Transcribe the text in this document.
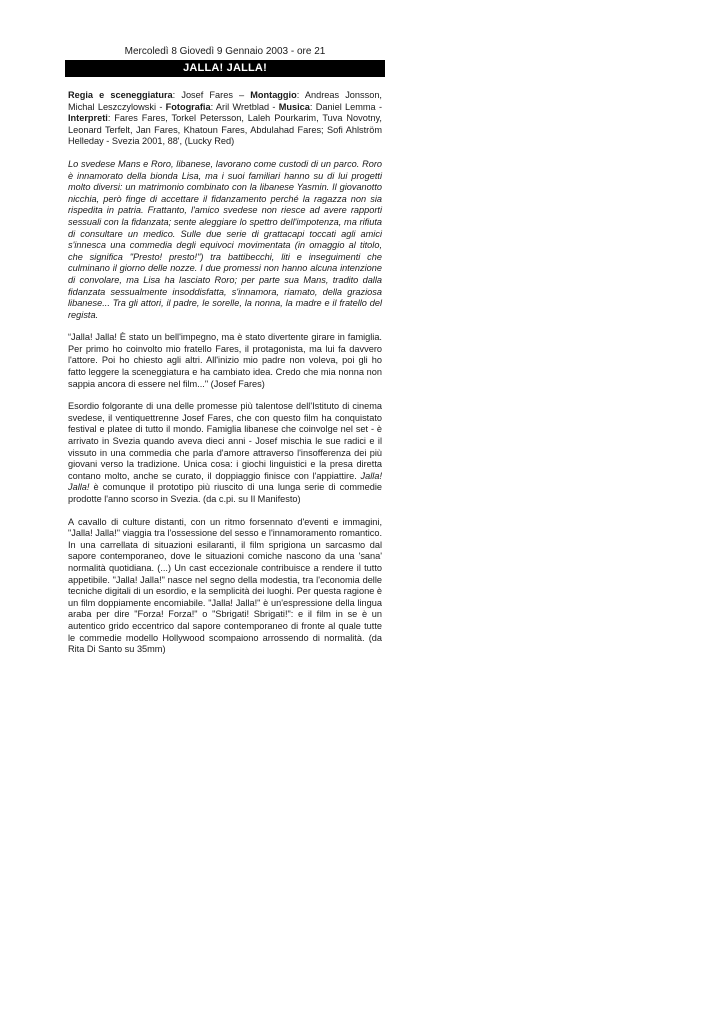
Mercoledì 8 Giovedì 9 Gennaio 2003 - ore 21
JALLA! JALLA!

Regia e sceneggiatura: Josef Fares – Montaggio: Andreas Jonsson, Michal Leszczylowski - Fotografia: Aril Wretblad - Musica: Daniel Lemma - Interpreti: Fares Fares, Torkel Petersson, Laleh Pourkarim, Tuva Novotny, Leonard Terfelt, Jan Fares, Khatoun Fares, Abdulahad Fares; Sofi Ahlström Helleday - Svezia 2001, 88', (Lucky Red)

Lo svedese Mans e Roro, libanese, lavorano come custodi di un parco. Roro è innamorato della bionda Lisa, ma i suoi familiari hanno su di lui progetti molto diversi: un matrimonio combinato con la libanese Yasmin. Il giovanotto nicchia, però finge di accettare il fidanzamento perché la ragazza non sia rispedita in patria. Frattanto, l'amico svedese non riesce ad avere rapporti sessuali con la fidanzata; sente aleggiare lo spettro dell'impotenza, ma rifiuta di consultare un medico. Sulle due serie di grattacapi toccati agli amici s'innesca una commedia degli equivoci movimentata (in omaggio al titolo, che significa "Presto! presto!") tra battibecchi, liti e inseguimenti che culminano il giorno delle nozze. I due promessi non hanno alcuna intenzione di convolare, ma Lisa ha lasciato Roro; per parte sua Mans, tradito dalla fidanzata sessualmente insoddisfatta, s'innamora, riamato, della graziosa libanese... Tra gli attori, il padre, le sorelle, la nonna, la madre e il fratello del regista.

“Jalla! Jalla! È stato un bell'impegno, ma è stato divertente girare in famiglia. Per primo ho coinvolto mio fratello Fares, il protagonista, ma lui fa davvero l'attore. Poi ho chiesto agli altri. All'inizio mio padre non voleva, poi gli ho fatto leggere la sceneggiatura e ha cambiato idea. Credo che mia nonna non sappia ancora di essere nel film..." (Josef Fares)

Esordio folgorante di una delle promesse più talentose dell'Istituto di cinema svedese, il ventiquettrenne Josef Fares, che con questo film ha conquistato festival e platee di tutto il mondo. Famiglia libanese che coinvolge nel set - è arrivato in Svezia quando aveva dieci anni - Josef mischia le sue radici e il vissuto in una commedia che parla d'amore attraverso l'insofferenza dei più giovani verso la tradizione. Unica cosa: i giochi linguistici e la presa diretta contano molto, anche se curato, il doppiaggio finisce con l'appiattire. Jalla! Jalla! è comunque il prototipo più riuscito di una lunga serie di commedie prodotte l'anno scorso in Svezia. (da c.pi. su Il Manifesto)

A cavallo di culture distanti, con un ritmo forsennato d'eventi e immagini, "Jalla! Jalla!" viaggia tra l'ossessione del sesso e l'innamoramento romantico. In una carrellata di situazioni esilaranti, il film sprigiona un sarcasmo dal sapore contemporaneo, dove le situazioni comiche nascono da una 'sana' normalità quotidiana. (...) Un cast eccezionale contribuisce a rendere il tutto appetibile. "Jalla! Jalla!" nasce nel segno della modestia, tra l'economia delle tecniche digitali di un esordio, e la semplicità dei luoghi. Per questa ragione è un film doppiamente encomiabile. "Jalla! Jalla!" è un'espressione della lingua araba per dire "Forza! Forza!" o "Sbrigati! Sbrigati!": e il film in se è un autentico grido eccentrico dal sapore contemporaneo di fronte al quale tutte le commedie modello Hollywood scompaiono arrossendo di normalità. (da Rita Di Santo su 35mm)
